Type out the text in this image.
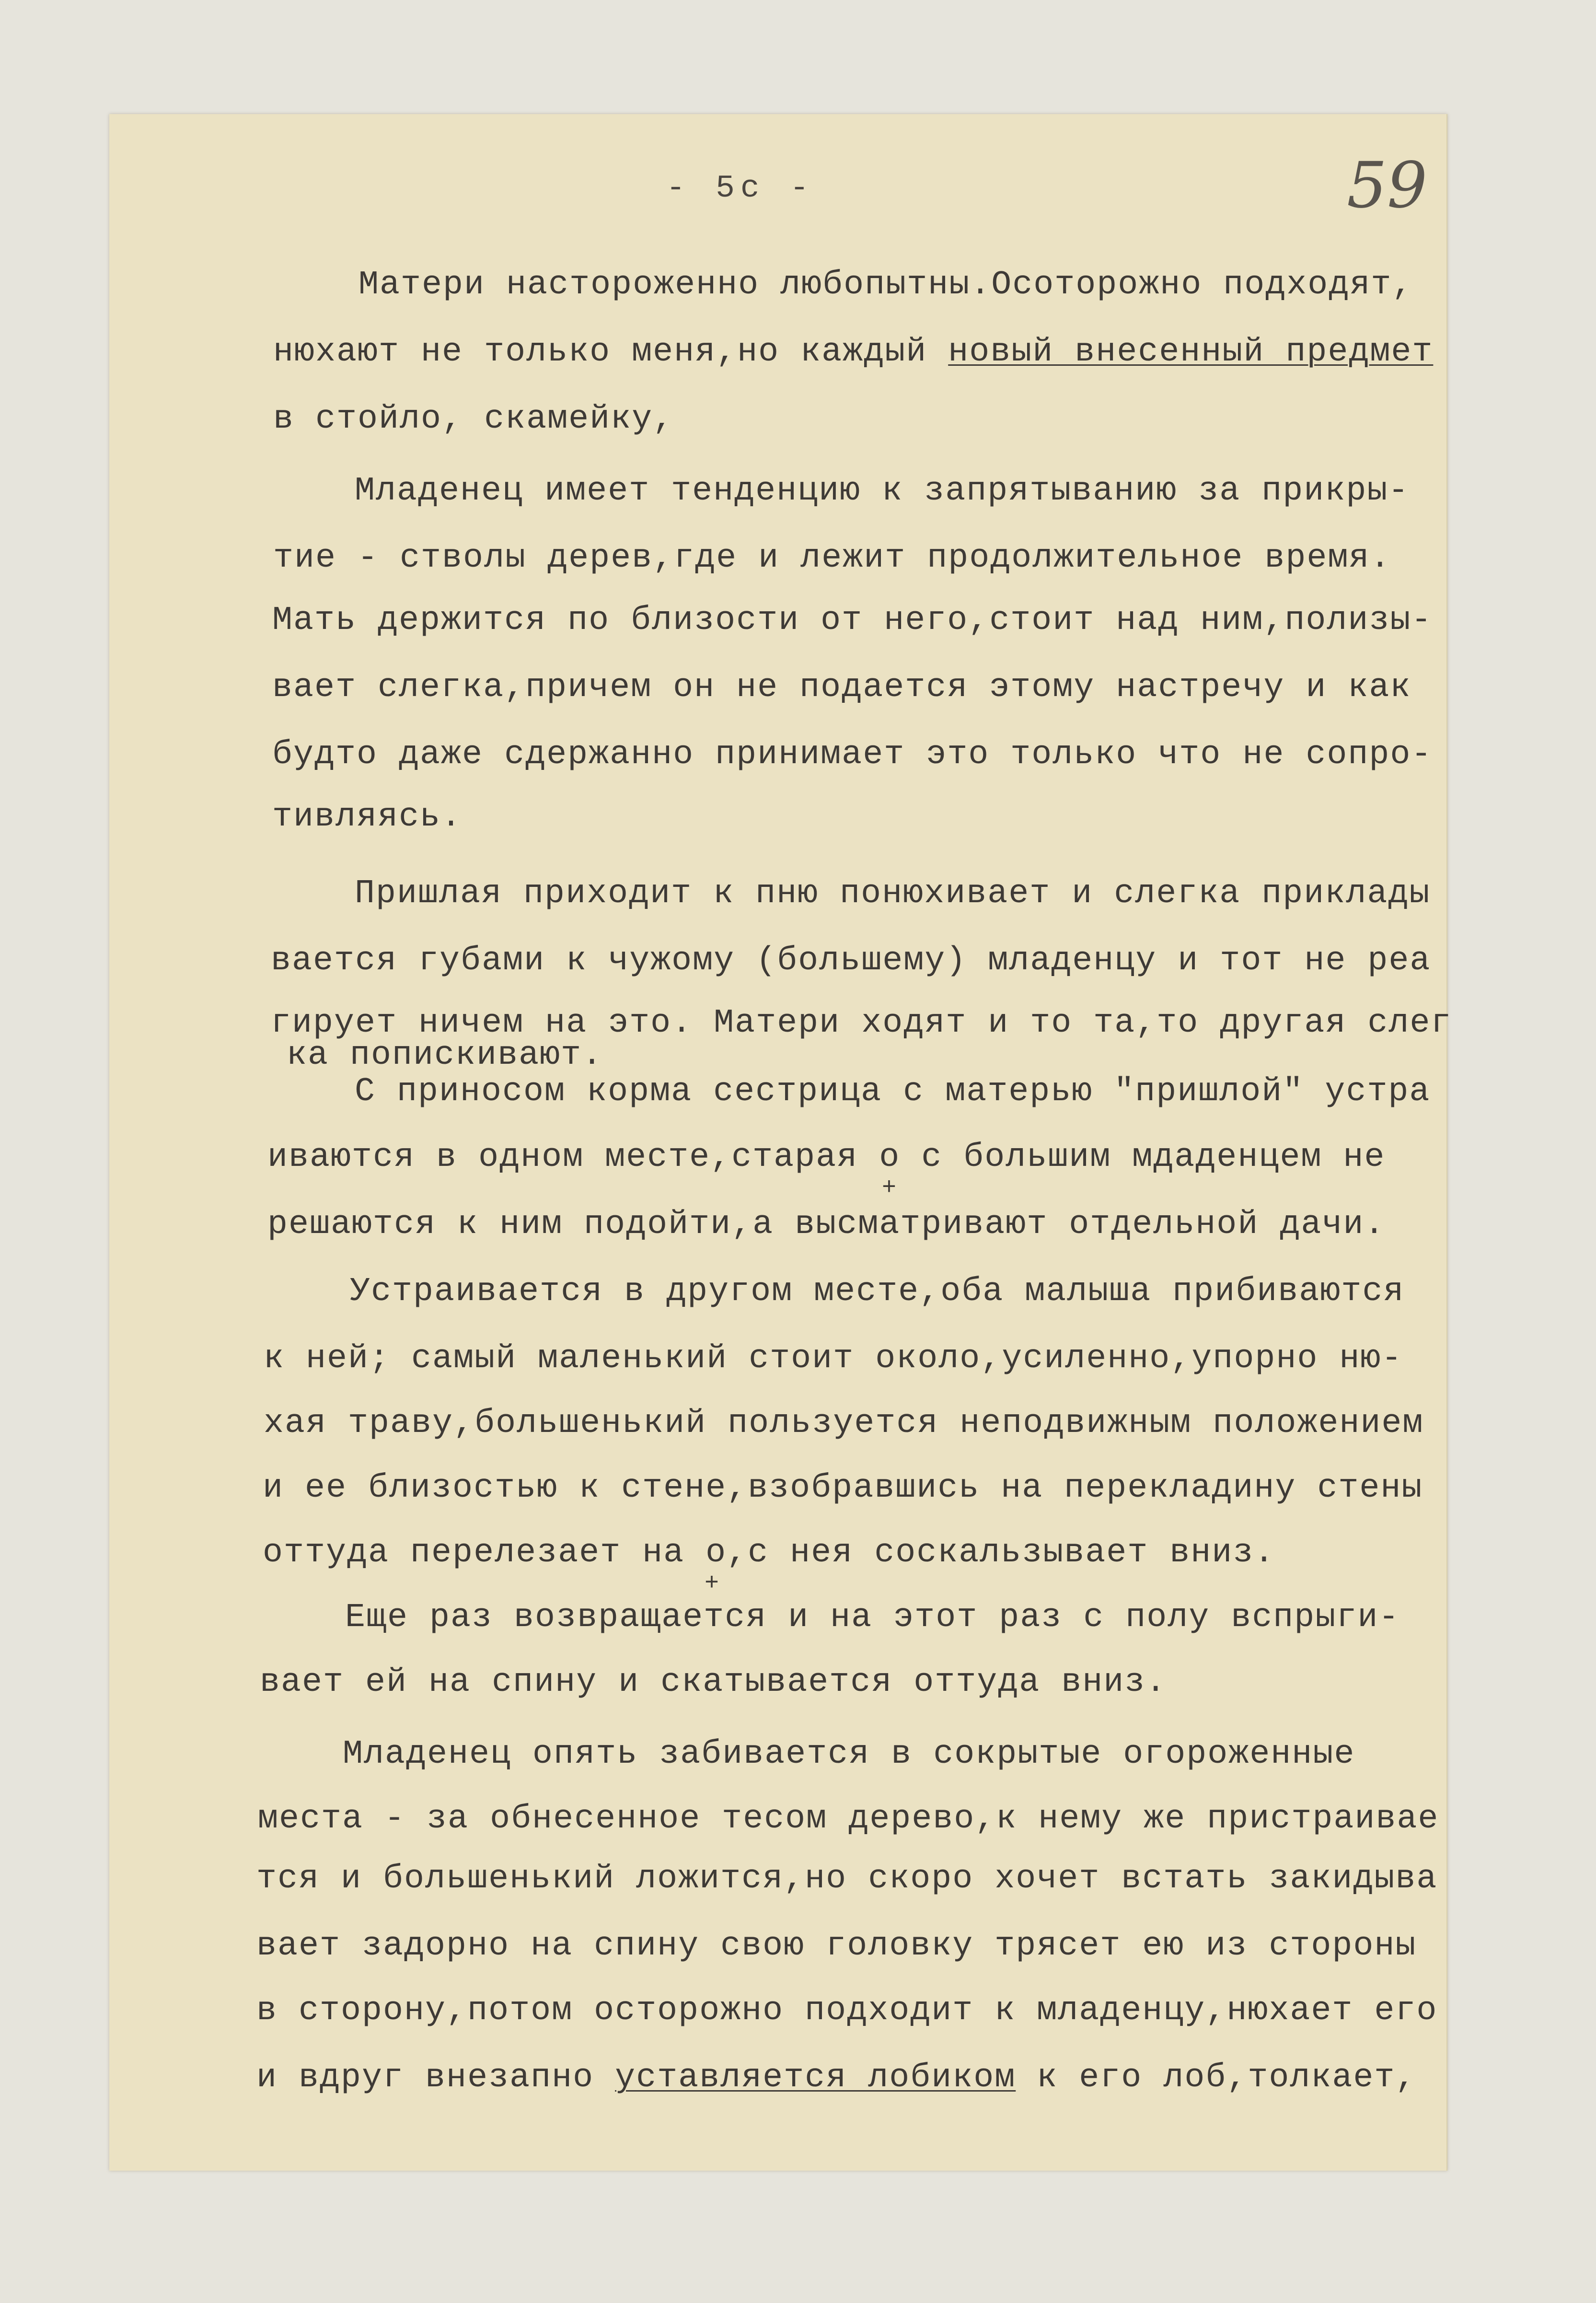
- 5c -	59
Матери настороженно любопытны.Осоторожно подходят,
нюхают не только меня,но каждый новый внесенный предмет
в стойло, скамейку,
Младенец имеет тенденцию к запрятыванию за прикры-
тие - стволы дерев,где и лежит продолжительное время.
Мать держится по близости от него,стоит над ним,полизы-
вает слегка,причем он не подается этому настречу и как
будто даже сдержанно принимает это только что не сопро-
тивляясь.
Пришлая приходит к пню понюхивает и слегка приклады
вается губами к чужому (большему) младенцу и тот не реа
гирует ничем на это. Матери ходят и то та,то другая слег
ка попискивают.
С приносом корма сестрица с матерью "пришлой" устра
иваются в одном месте,старая o с большим мдаденцем не
+
решаются к ним подойти,а высматривают отдельной дачи.
Устраивается в другом месте,оба малыша прибиваются
к ней; самый маленький стоит около,усиленно,упорно ню-
хая траву,большенький пользуется неподвижным положением
и ее близостью к стене,взобравшись на перекладину стены
оттуда перелезает на o,с нея соскальзывает вниз.
+
Еще раз возвращается и на этот раз с полу вспрыги-
вает ей на спину и скатывается оттуда вниз.
Младенец опять забивается в сокрытые огороженные
места - за обнесенное тесом дерево,к нему же пристраивае
тся и большенький ложится,но скоро хочет встать закидыва
вает задорно на спину свою головку трясет ею из стороны
в сторону,потом осторожно подходит к младенцу,нюхает его
и вдруг внезапно уставляется лобиком к его лоб,толкает,
